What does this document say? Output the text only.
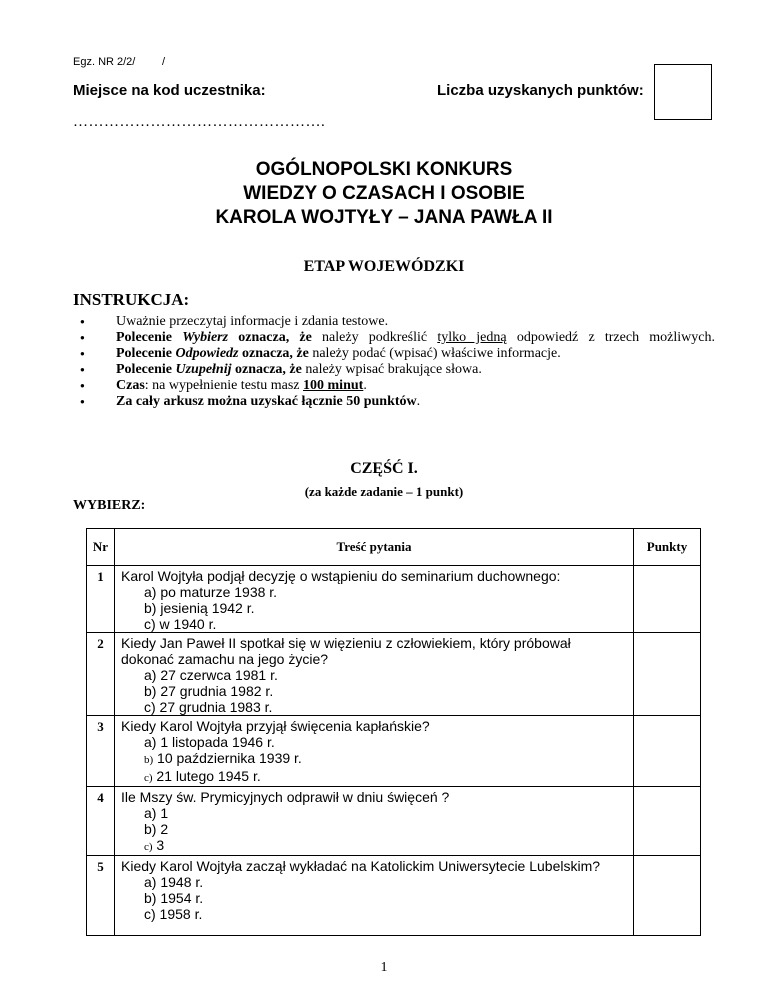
Egz. NR 2/2/ /
Miejsce na kod uczestnika:	Liczba uzyskanych punktów:
………………………………………….
OGÓLNOPOLSKI KONKURS
WIEDZY O CZASACH I OSOBIE
KAROLA WOJTYŁY – JANA PAWŁA II
ETAP WOJEWÓDZKI
INSTRUKCJA:
● Uważnie przeczytaj informacje i zdania testowe.
● Polecenie Wybierz oznacza, że należy podkreślić tylko jedną odpowiedź z trzech możliwych.
● Polecenie Odpowiedz oznacza, że należy podać (wpisać) właściwe informacje.
● Polecenie Uzupełnij oznacza, że należy wpisać brakujące słowa.
● Czas: na wypełnienie testu masz 100 minut.
● Za cały arkusz można uzyskać łącznie 50 punktów.
CZĘŚĆ I.
(za każde zadanie – 1 punkt)
WYBIERZ:
Nr	Treść pytania	Punkty
1	Karol Wojtyła podjął decyzję o wstąpieniu do seminarium duchownego:
a) po maturze 1938 r.
b) jesienią 1942 r.
c) w 1940 r.	

2	Kiedy Jan Paweł II spotkał się w więzieniu z człowiekiem, który próbował dokonać zamachu na jego życie?
a) 27 czerwca 1981 r.
b) 27 grudnia 1982 r.
c) 27 grudnia 1983 r.	

3	Kiedy Karol Wojtyła przyjął święcenia kapłańskie?
a) 1 listopada 1946 r.
b) 10 października 1939 r.
c) 21 lutego 1945 r.	

4	Ile Mszy św. Prymicyjnych odprawił w dniu święceń ?
a) 1
b) 2
c) 3	

5	Kiedy Karol Wojtyła zaczął wykładać na Katolickim Uniwersytecie Lubelskim?
a) 1948 r.
b) 1954 r.
c) 1958 r.	

1
